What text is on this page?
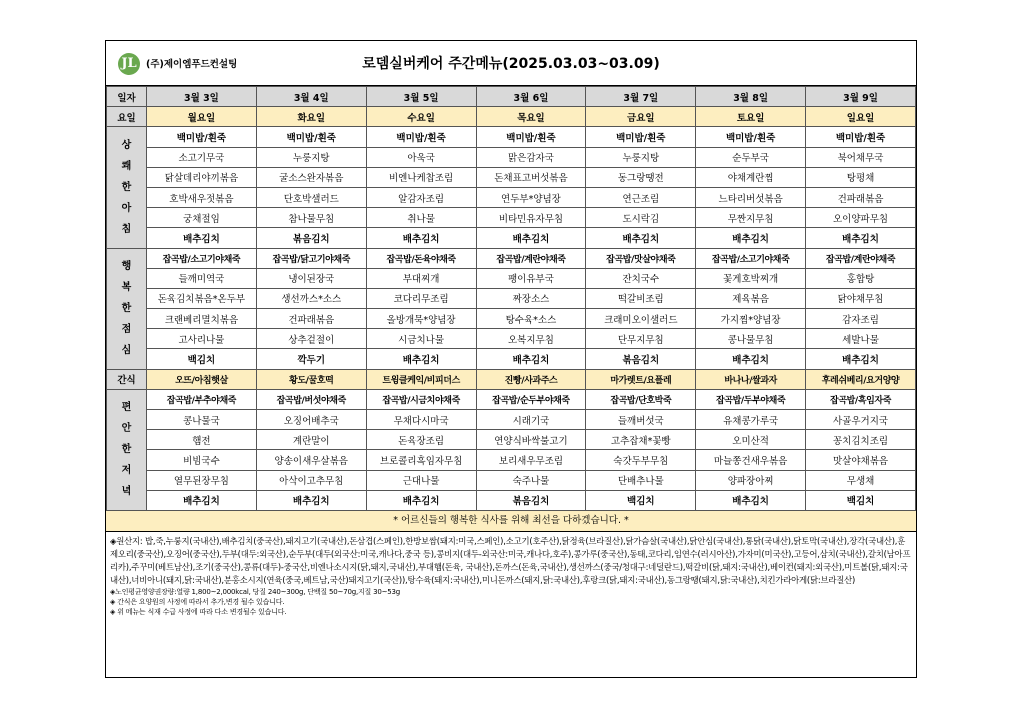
JL (주)제이엠푸드컨설팅	로뎀실버케어 주간메뉴(2025.03.03~03.09)
일자	3월 3일	3월 4일	3월 5일	3월 6일	3월 7일	3월 8일	3월 9일
요일	월요일	화요일	수요일	목요일	금요일	토요일	일요일

상
쾌
한
아
침	백미밥/흰죽	백미밥/흰죽	백미밥/흰죽	백미밥/흰죽	백미밥/흰죽	백미밥/흰죽	백미밥/흰죽
	소고기무국	누룽지탕	아욱국	맑은감자국	누룽지탕	순두부국	북어채무국
	닭살데리야끼볶음	굴소스완자볶음	비엔나케찹조림	돈채표고버섯볶음	동그랑땡전	야채계란찜	탕평채
	호박새우젓볶음	단호박샐러드	알감자조림	연두부*양념장	연근조림	느타리버섯볶음	건파래볶음
	궁채절임	참나물무침	취나물	비타민유자무침	도시락김	무짠지무침	오이양파무침
	배추김치	볶음김치	배추김치	배추김치	배추김치	배추김치	배추김치

행
복
한
점
심	잡곡밥/소고기야채죽	잡곡밥/닭고기야채죽	잡곡밥/돈육야채죽	잡곡밥/계란야채죽	잡곡밥/맛살야채죽	잡곡밥/소고기야채죽	잡곡밥/계란야채죽
	들깨미역국	냉이된장국	부대찌개	팽이유부국	잔치국수	꽃게호박찌개	홍합탕
	돈육김치볶음*온두부	생선까스*소스	코다리무조림	짜장소스	떡갈비조림	제육볶음	닭야채무침
	크랜베리멸치볶음	건파래볶음	올방개묵*양념장	탕수육*소스	크래미오이샐러드	가지찜*양념장	감자조림
	고사리나물	상추겉절이	시금치나물	오복지무침	단무지무침	콩나물무침	세발나물
	백김치	깍두기	배추김치	배추김치	볶음김치	배추김치	배추김치
간식	오뜨/아침햇살	황도/꿀호떡	트윙클케익/비피더스	진빵/사과주스	마가렛트/요플레	바나나/쌀과자	후레쉬베리/요거양양

편
안
한
저
녁	잡곡밥/부추야채죽	잡곡밥/버섯야채죽	잡곡밥/시금치야채죽	잡곡밥/순두부야채죽	잡곡밥/단호박죽	잡곡밥/두부야채죽	잡곡밥/흑임자죽
	콩나물국	오징어배추국	무채다시마국	시래기국	들깨버섯국	유채콩가루국	사골우거지국
	햄전	계란말이	돈육장조림	연양식바싹불고기	고추잡채*꽃빵	오미산적	꽁치김치조림
	비빔국수	양송이새우살볶음	브로콜리흑임자무침	보리새우무조림	숙갓두부무침	마늘쫑건새우볶음	맛살야채볶음
	열무된장무침	아삭이고추무침	근대나물	숙주나물	단배추나물	양파장아찌	무생채
	배추김치	배추김치	배추김치	볶음김치	백김치	배추김치	백김치
* 어르신들의 행복한 식사를 위해 최선을 다하겠습니다. *
◈원산지: 밥,죽,누룽지(국내산),배추김치(중국산),돼지고기(국내산),돈삼겹(스페인),한방보쌈(돼지:미국,스페인),소고기(호주산),닭정육(브라질산),닭가슴살(국내산),닭안심(국내산),통닭(국내산),닭토막(국내산),장각(국내산),훈제오리(중국산),오징어(중국산),두부(대두:외국산),순두부(대두(외국산:미국,캐나다,중국 등),콩비지(대두-외국산:미국,캐나다,호주),콩가루(중국산),동태,코다리,임연수(러시아산),가자미(미국산),고등어,삼치(국내산),갈치(남아프리카),주꾸미(베트남산),조기(중국산),콩류(대두)-중국산,비엔나소시지(닭,돼지,국내산),부대햄(돈육, 국내산),돈까스(돈육,국내산),생선까스(중국/청대구:네덜란드),떡갈비(닭,돼지:국내산),베이컨(돼지:외국산),미트볼(닭,돼지:국내산),너비아니(돼지,닭:국내산),분홍소시지(연육(중국,베트남,국산)돼지고기(국산)),탕수육(돼지:국내산),미니돈까스(돼지,닭:국내산),후랑크(닭,돼지:국내산),동그랑땡(돼지,닭:국내산),치킨가라아게(닭:브라질산)
◈노인평균영양권장량:열량 1,800~2,000kcal, 당질 240~300g, 단백질 50~70g,지질 30~53g
◈ 간식은 요양원의 사정에 따라서 추가,변경 될수 있습니다.
◈ 위 메뉴는 식재 수급 사정에 따라 다소 변경될수 있습니다.
